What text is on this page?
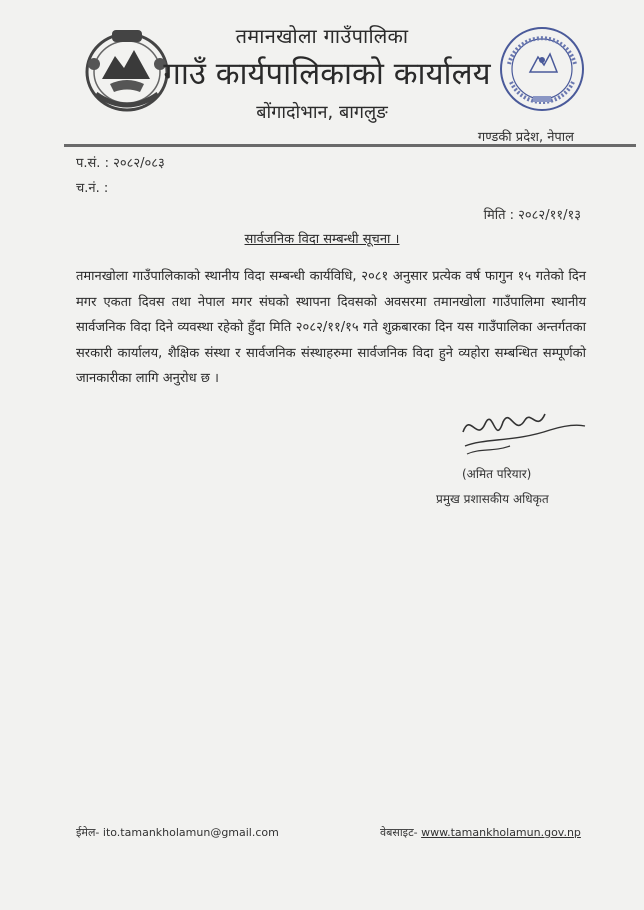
तमानखोला गाउँपालिका
गाउँ कार्यपालिकाको कार्यालय
बोंगादोभान, बागलुङ
गण्डकी प्रदेश, नेपाल
प.सं. : २०८२/०८३
च.नं. :
मिति : २०८२/११/१३
सार्वजनिक विदा सम्बन्धी सूचना ।
तमानखोला गाउँपालिकाको स्थानीय विदा सम्बन्धी कार्यविधि, २०८१ अनुसार प्रत्येक वर्ष फागुन १५ गतेको दिन मगर एकता दिवस तथा नेपाल मगर संघको स्थापना दिवसको अवसरमा तमानखोला गाउँपालिमा स्थानीय सार्वजनिक विदा दिने व्यवस्था रहेको हुँदा मिति २०८२/११/१५ गते शुक्रबारका दिन यस गाउँपालिका अन्तर्गतका सरकारी कार्यालय, शैक्षिक संस्था र सार्वजनिक संस्थाहरुमा सार्वजनिक विदा हुने व्यहोरा सम्बन्धित सम्पूर्णको जानकारीका लागि अनुरोध छ ।
(अमित परियार)
प्रमुख प्रशासकीय अधिकृत
ईमेल- ito.tamankholamun@gmail.com	वेबसाइट- www.tamankholamun.gov.np
